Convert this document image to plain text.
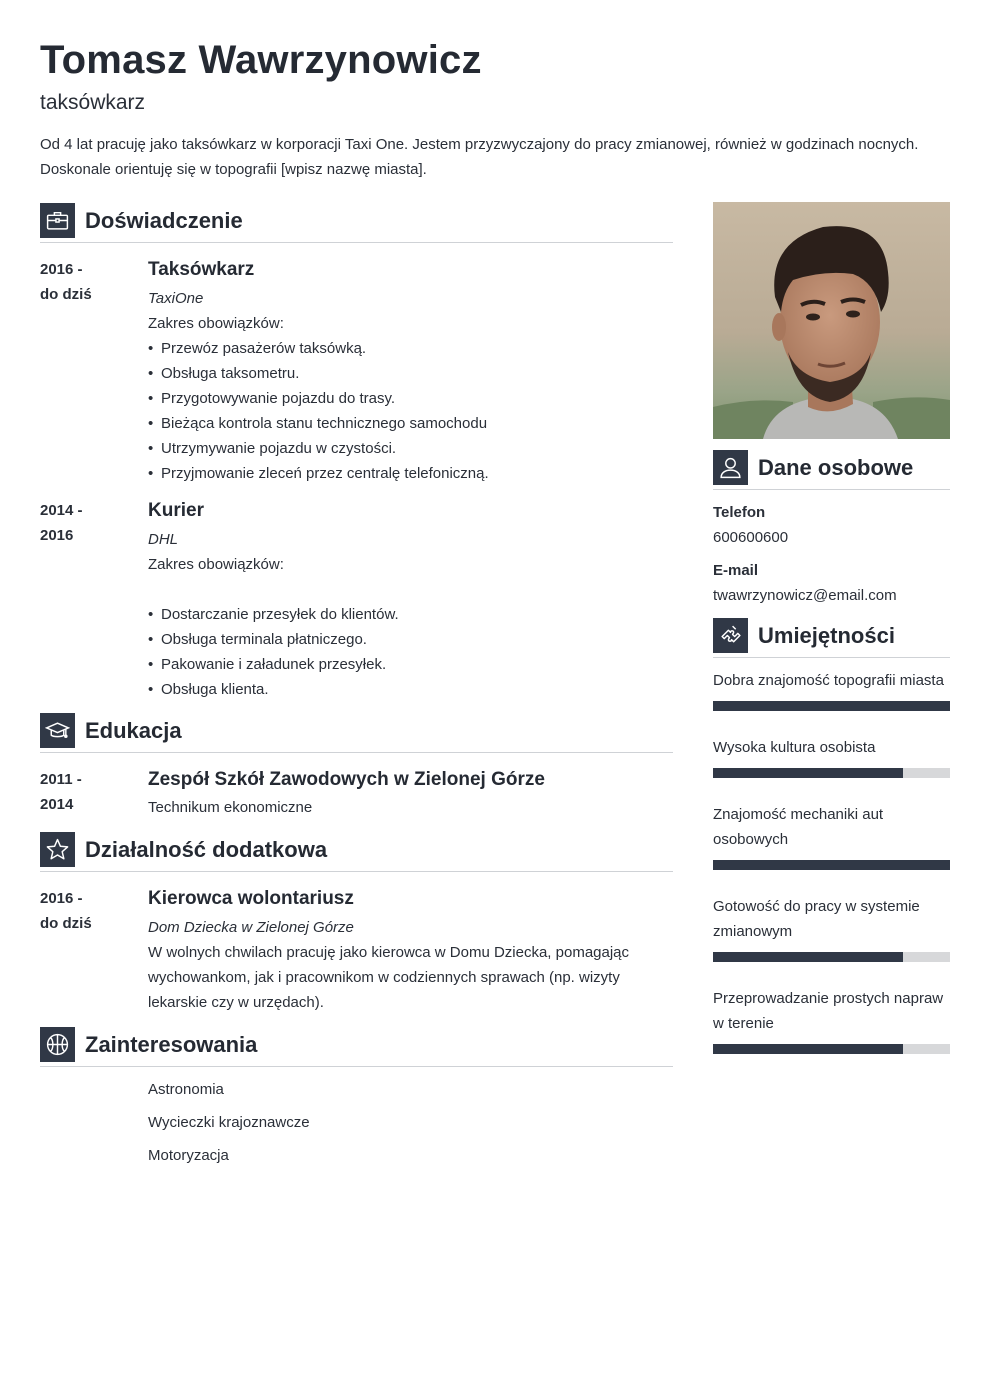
Tomasz Wawrzynowicz
taksówkarz

Od 4 lat pracuję jako taksówkarz w korporacji Taxi One. Jestem przyzwyczajony do pracy zmianowej, również w godzinach nocnych. Doskonale orientuję się w topografii [wpisz nazwę miasta].

Doświadczenie
2016 -
do dziś
Taksówkarz
TaxiOne
Zakres obowiązków:
• Przewóz pasażerów taksówką.
• Obsługa taksometru.
• Przygotowywanie pojazdu do trasy.
• Bieżąca kontrola stanu technicznego samochodu
• Utrzymywanie pojazdu w czystości.
• Przyjmowanie zleceń przez centralę telefoniczną.
2014 -
2016
Kurier
DHL
Zakres obowiązków:
• Dostarczanie przesyłek do klientów.
• Obsługa terminala płatniczego.
• Pakowanie i załadunek przesyłek.
• Obsługa klienta.
Edukacja
2011 -
2014
Zespół Szkół Zawodowych w Zielonej Górze
Technikum ekonomiczne
Działalność dodatkowa
2016 -
do dziś
Kierowca wolontariusz
Dom Dziecka w Zielonej Górze
W wolnych chwilach pracuję jako kierowca w Domu Dziecka, pomagając wychowankom, jak i pracownikom w codziennych sprawach (np. wizyty lekarskie czy w urzędach).
Zainteresowania
Astronomia
Wycieczki krajoznawcze
Motoryzacja
Dane osobowe
Telefon
600600600
E-mail
twawrzynowicz@email.com
Umiejętności
Dobra znajomość topografii miasta
Wysoka kultura osobista
Znajomość mechaniki aut osobowych
Gotowość do pracy w systemie zmianowym
Przeprowadzanie prostych napraw w terenie
